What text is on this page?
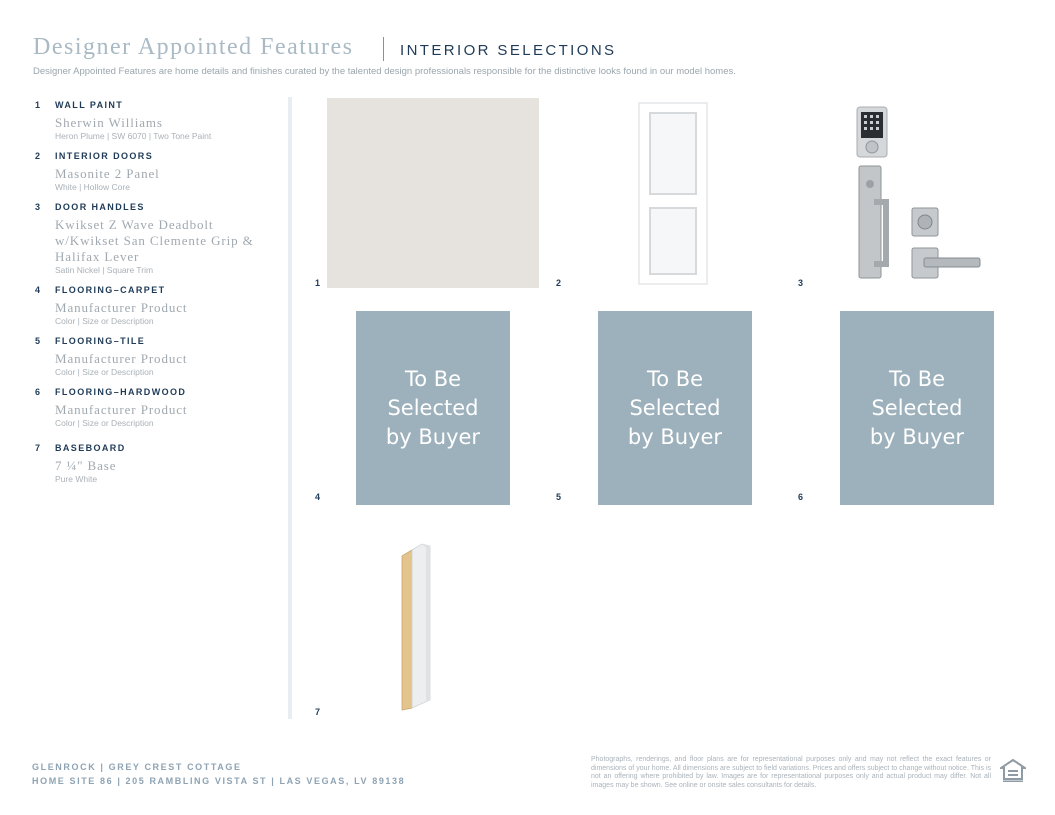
Designer Appointed Features	INTERIOR SELECTIONS
Designer Appointed Features are home details and finishes curated by the talented design professionals responsible for the distinctive looks found in our model homes.
1 WALL PAINT
Sherwin Williams
Heron Plume | SW 6070 | Two Tone Paint
2 INTERIOR DOORS
Masonite 2 Panel
White | Hollow Core
3 DOOR HANDLES
Kwikset Z Wave Deadbolt w/Kwikset San Clemente Grip & Halifax Lever
Satin Nickel | Square Trim
4 FLOORING–CARPET
Manufacturer Product
Color | Size or Description
5 FLOORING–TILE
Manufacturer Product
Color | Size or Description
6 FLOORING–HARDWOOD
Manufacturer Product
Color | Size or Description
7 BASEBOARD
7 ¼" Base
Pure White
1	2	3
To Be
Selected
by Buyer
4
To Be
Selected
by Buyer
5
To Be
Selected
by Buyer
6
7
GLENROCK | GREY CREST COTTAGE
HOME SITE 86 | 205 RAMBLING VISTA ST | LAS VEGAS, LV 89138
Photographs, renderings, and floor plans are for representational purposes only and may not reflect the exact features or dimensions of your home. All dimensions are subject to field variations. Prices and offers subject to change without notice. This is not an offering where prohibited by law. Images are for representational purposes only and actual product may differ. Not all images may be shown. See online or onsite sales consultants for details.
